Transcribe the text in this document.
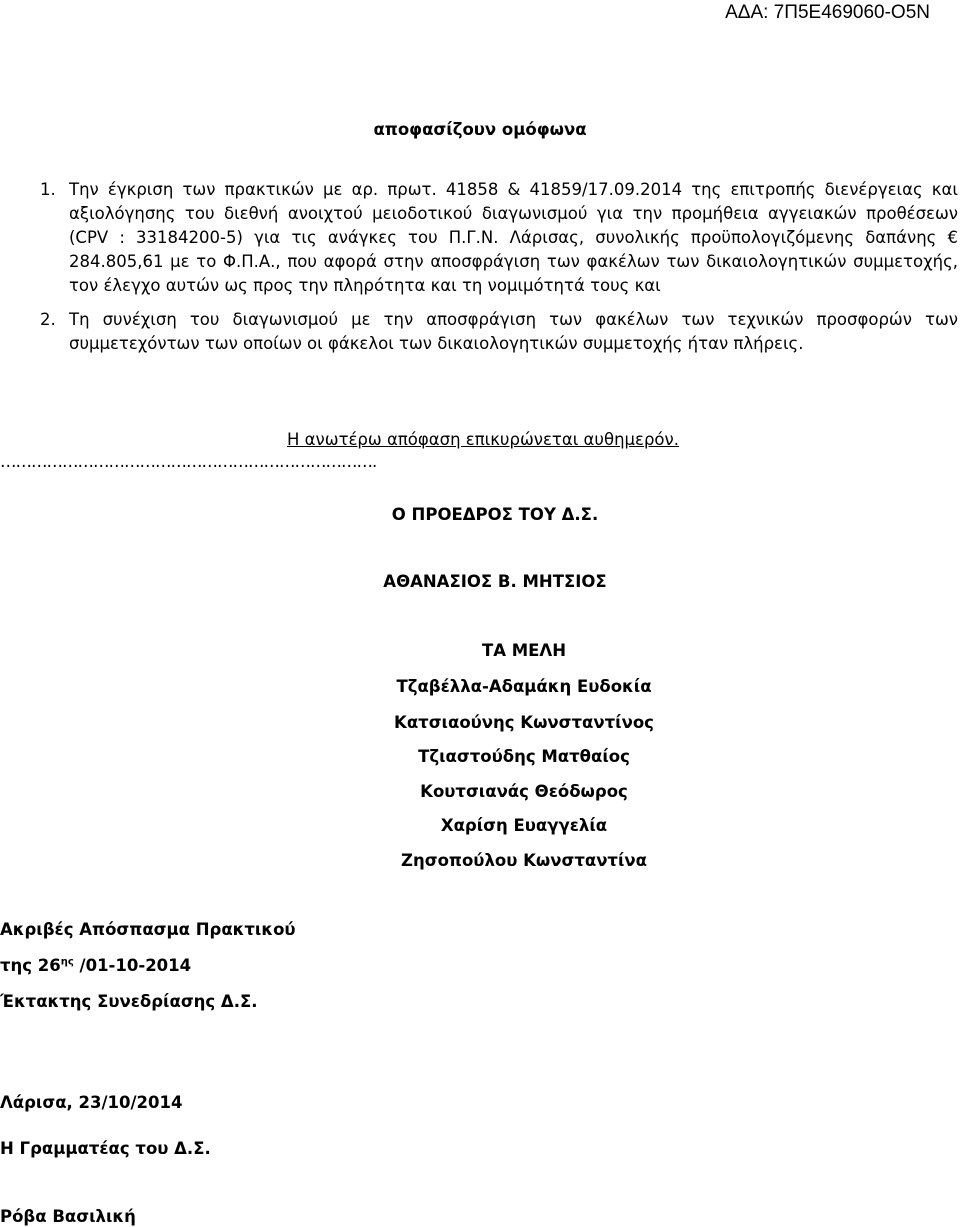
ΑΔΑ: 7Π5Ε469060-Ο5Ν
αποφασίζουν ομόφωνα
1. Την έγκριση των πρακτικών με αρ. πρωτ. 41858 & 41859/17.09.2014 της επιτροπής διενέργειας και αξιολόγησης του διεθνή ανοιχτού μειοδοτικού διαγωνισμού για την προμήθεια αγγειακών προθέσεων (CPV : 33184200-5) για τις ανάγκες του Π.Γ.Ν. Λάρισας, συνολικής προϋπολογιζόμενης δαπάνης € 284.805,61 με το Φ.Π.Α., που αφορά στην αποσφράγιση των φακέλων των δικαιολογητικών συμμετοχής, τον έλεγχο αυτών ως προς την πληρότητα και τη νομιμότητά τους και
2. Τη συνέχιση του διαγωνισμού με την αποσφράγιση των φακέλων των τεχνικών προσφορών των συμμετεχόντων των οποίων οι φάκελοι των δικαιολογητικών συμμετοχής ήταν πλήρεις.
Η ανωτέρω απόφαση επικυρώνεται αυθημερόν.
……………………………………………………………….
Ο ΠΡΟΕΔΡΟΣ ΤΟΥ Δ.Σ.
ΑΘΑΝΑΣΙΟΣ Β. ΜΗΤΣΙΟΣ
ΤΑ ΜΕΛΗ
Τζαβέλλα-Αδαμάκη Ευδοκία
Κατσιαούνης Κωνσταντίνος
Τζιαστούδης Ματθαίος
Κουτσιανάς Θεόδωρος
Χαρίση Ευαγγελία
Ζησοπούλου Κωνσταντίνα
Ακριβές Απόσπασμα Πρακτικού
της $26^{\eta\varsigma}$ /01-10-2014
Έκτακτης Συνεδρίασης Δ.Σ.
Λάρισα, 23/10/2014
Η Γραμματέας του Δ.Σ.
Ρόβα Βασιλική
